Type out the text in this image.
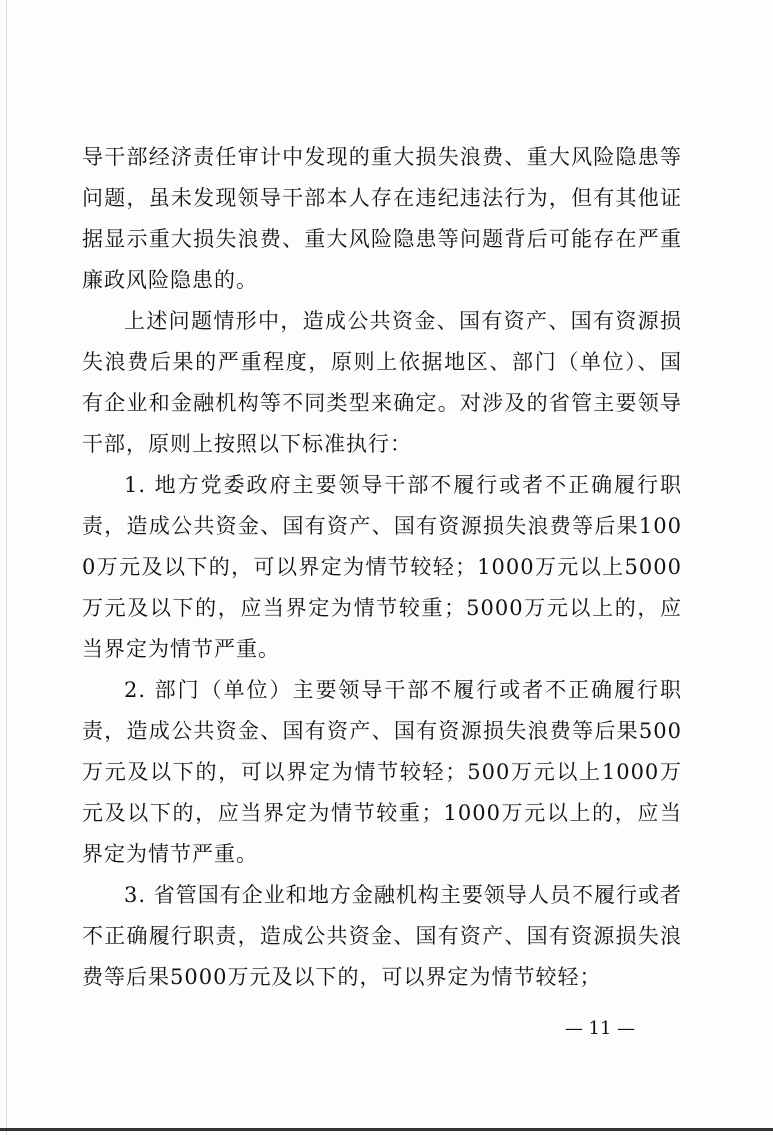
导干部经济责任审计中发现的重大损失浪费、重大风险隐患等问题，虽未发现领导干部本人存在违纪违法行为，但有其他证据显示重大损失浪费、重大风险隐患等问题背后可能存在严重廉政风险隐患的。

上述问题情形中，造成公共资金、国有资产、国有资源损失浪费后果的严重程度，原则上依据地区、部门（单位）、国有企业和金融机构等不同类型来确定。对涉及的省管主要领导干部，原则上按照以下标准执行：

1. 地方党委政府主要领导干部不履行或者不正确履行职责，造成公共资金、国有资产、国有资源损失浪费等后果1000万元及以下的，可以界定为情节较轻；1000万元以上5000万元及以下的，应当界定为情节较重；5000万元以上的，应当界定为情节严重。

2. 部门（单位）主要领导干部不履行或者不正确履行职责，造成公共资金、国有资产、国有资源损失浪费等后果500万元及以下的，可以界定为情节较轻；500万元以上1000万元及以下的，应当界定为情节较重；1000万元以上的，应当界定为情节严重。

3. 省管国有企业和地方金融机构主要领导人员不履行或者不正确履行职责，造成公共资金、国有资产、国有资源损失浪费等后果5000万元及以下的，可以界定为情节较轻；

— 11 —
